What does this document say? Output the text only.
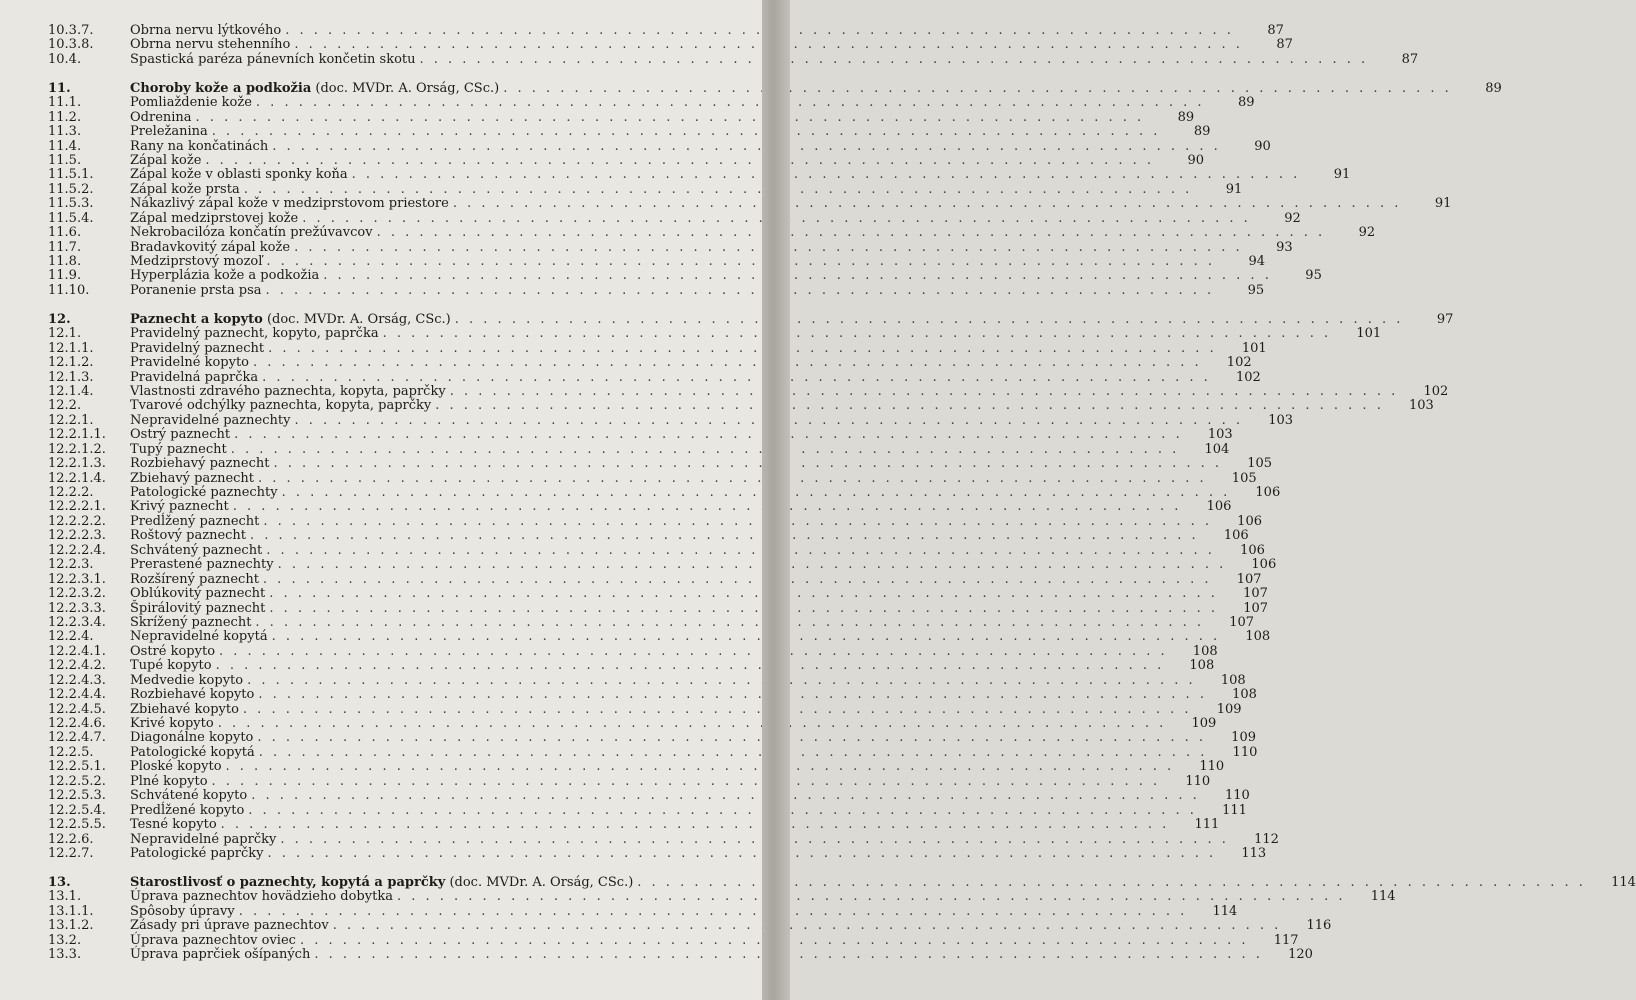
10.3.7.	Obrna nervu lýtkového . . .	87
10.3.8.	Obrna nervu stehenního . . .	87
10.4.	Spastická paréza pánevních končetin skotu . . .	87
11.	Choroby kože a podkožia (doc. MVDr. A. Orság, CSc.) . . .	89
11.1.	Pomliaždenie kože . . .	89
11.2.	Odrenina . . .	89
11.3.	Preležanina . . .	89
11.4.	Rany na končatinách . . .	90
11.5.	Zápal kože . . .	90
11.5.1.	Zápal kože v oblasti sponky koňa . . .	91
11.5.2.	Zápal kože prsta . . .	91
11.5.3.	Nákazlivý zápal kože v medziprstovom priestore . . .	91
11.5.4.	Zápal medziprstovej kože . . .	92
11.6.	Nekrobacilóza končatín prežúvavcov . . .	92
11.7.	Bradavkovitý zápal kože . . .	93
11.8.	Medziprstový mozoľ . . .	94
11.9.	Hyperplázia kože a podkožia . . .	95
11.10.	Poranenie prsta psa . . .	95
12.	Paznecht a kopyto (doc. MVDr. A. Orság, CSc.) . . .	97
12.1.	Pravidelný paznecht, kopyto, paprčka . . .	101
12.1.1.	Pravidelný paznecht . . .	101
12.1.2.	Pravidelné kopyto . . .	102
12.1.3.	Pravidelná paprčka . . .	102
12.1.4.	Vlastnosti zdravého paznechta, kopyta, paprčky . . .	102
12.2.	Tvarové odchýlky paznechta, kopyta, paprčky . . .	103
12.2.1.	Nepravidelné paznechty . . .	103
12.2.1.1.	Ostrý paznecht . . .	103
12.2.1.2.	Tupý paznecht . . .	104
12.2.1.3.	Rozbiehavý paznecht . . .	105
12.2.1.4.	Zbiehavý paznecht . . .	105
12.2.2.	Patologické paznechty . . .	106
12.2.2.1.	Krivý paznecht . . .	106
12.2.2.2.	Predĺžený paznecht . . .	106
12.2.2.3.	Roštový paznecht . . .	106
12.2.2.4.	Schvátený paznecht . . .	106
12.2.3.	Prerastené paznechty . . .	106
12.2.3.1.	Rozšírený paznecht . . .	107
12.2.3.2.	Oblúkovitý paznecht . . .	107
12.2.3.3.	Špirálovitý paznecht . . .	107
12.2.3.4.	Skrížený paznecht . . .	107
12.2.4.	Nepravidelné kopytá . . .	108
12.2.4.1.	Ostré kopyto . . .	108
12.2.4.2.	Tupé kopyto . . .	108
12.2.4.3.	Medvedie kopyto . . .	108
12.2.4.4.	Rozbiehavé kopyto . . .	108
12.2.4.5.	Zbiehavé kopyto . . .	109
12.2.4.6.	Krivé kopyto . . .	109
12.2.4.7.	Diagonálne kopyto . . .	109
12.2.5.	Patologické kopytá . . .	110
12.2.5.1.	Ploské kopyto . . .	110
12.2.5.2.	Plné kopyto . . .	110
12.2.5.3.	Schvátené kopyto . . .	110
12.2.5.4.	Predĺžené kopyto . . .	111
12.2.5.5.	Tesné kopyto . . .	111
12.2.6.	Nepravidelné paprčky . . .	112
12.2.7.	Patologické paprčky . . .	113
13.	Starostlivosť o paznechty, kopytá a paprčky (doc. MVDr. A. Orság, CSc.) . . .	114
13.1.	Úprava paznechtov hovädzieho dobytka . . .	114
13.1.1.	Spôsoby úpravy . . .	114
13.1.2.	Zásady pri úprave paznechtov . . .	116
13.2.	Úprava paznechtov oviec . . .	117
13.3.	Úprava paprčiek ošípaných . . .	120
